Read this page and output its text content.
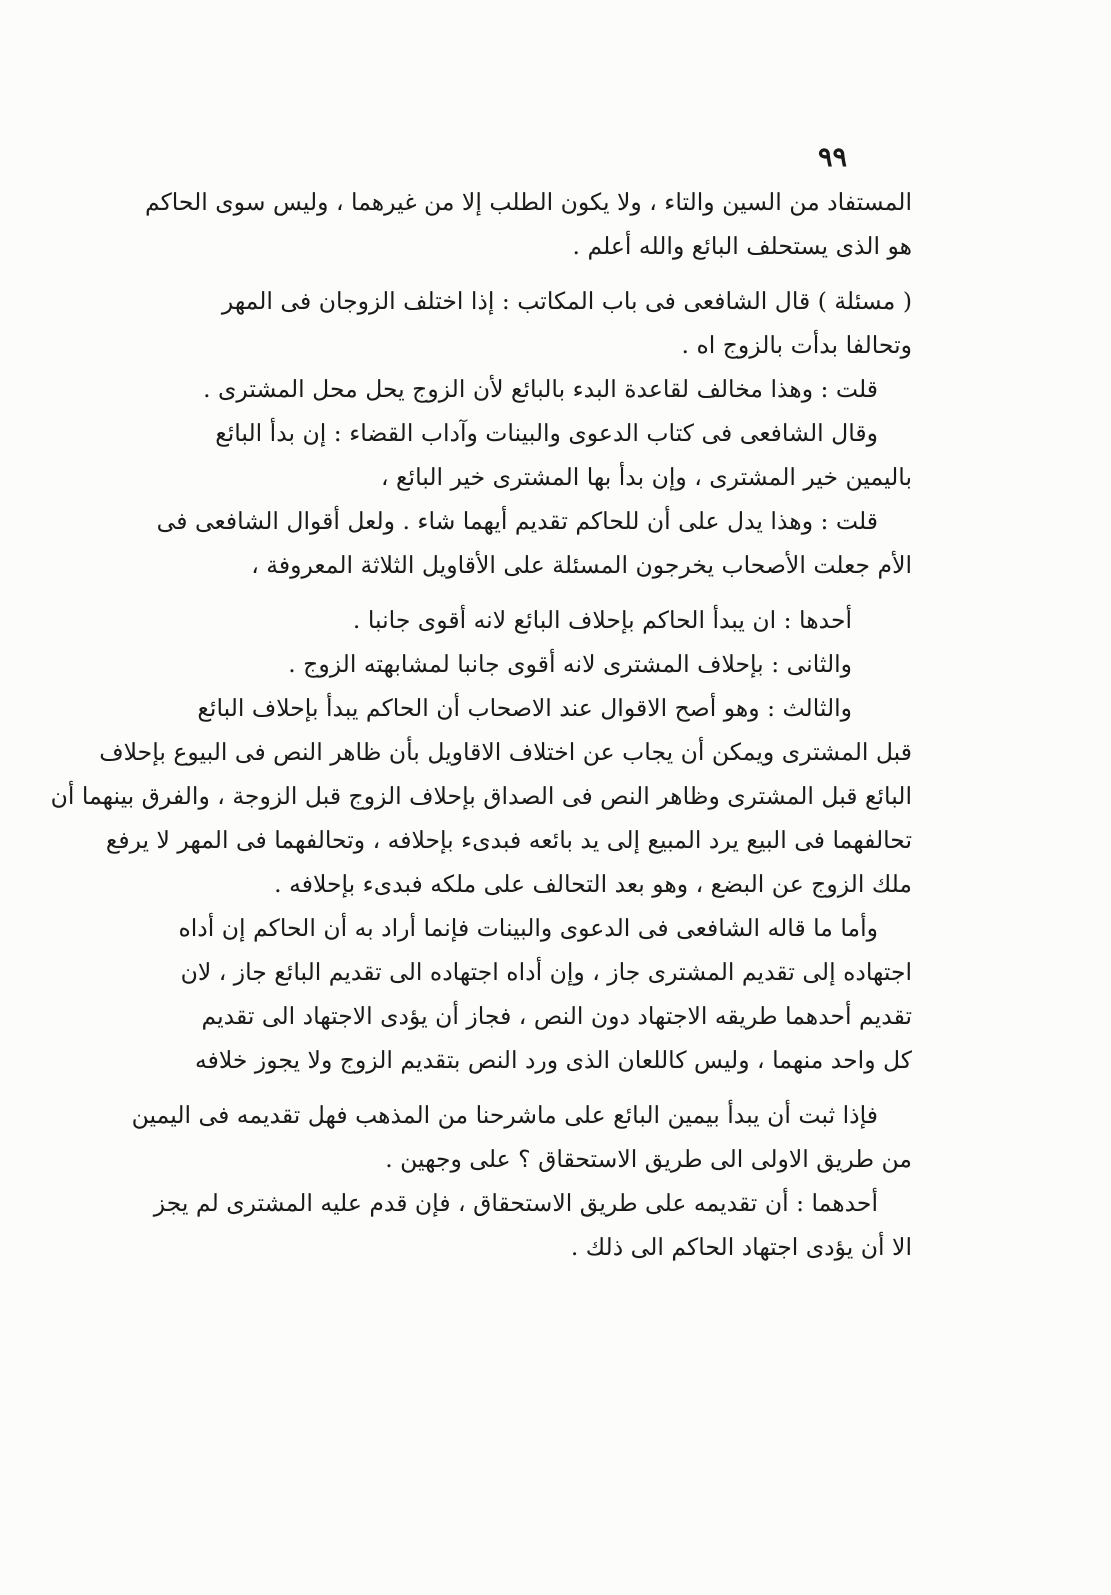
٩٩
المستفاد من السين والتاء ، ولا يكون الطلب إلا من غيرهما ، وليس سوى الحاكم
هو الذى يستحلف البائع والله أعلم .
( مسئلة ) قال الشافعى فى باب المكاتب : إذا اختلف الزوجان فى المهر
وتحالفا بدأت بالزوج اه .
قلت : وهذا مخالف لقاعدة البدء بالبائع لأن الزوج يحل محل المشترى .
وقال الشافعى فى كتاب الدعوى والبينات وآداب القضاء : إن بدأ البائع
باليمين خير المشترى ، وإن بدأ بها المشترى خير البائع ،
قلت : وهذا يدل على أن للحاكم تقديم أيهما شاء . ولعل أقوال الشافعى فى
الأم جعلت الأصحاب يخرجون المسئلة على الأقاويل الثلاثة المعروفة ،
أحدها : ان يبدأ الحاكم بإحلاف البائع لانه أقوى جانبا .
والثانى : بإحلاف المشترى لانه أقوى جانبا لمشابهته الزوج .
والثالث : وهو أصح الاقوال عند الاصحاب أن الحاكم يبدأ بإحلاف البائع
قبل المشترى ويمكن أن يجاب عن اختلاف الاقاويل بأن ظاهر النص فى البيوع بإحلاف
البائع قبل المشترى وظاهر النص فى الصداق بإحلاف الزوج قبل الزوجة ، والفرق بينهما أن
تحالفهما فى البيع يرد المبيع إلى يد بائعه فبدىء بإحلافه ، وتحالفهما فى المهر لا يرفع
ملك الزوج عن البضع ، وهو بعد التحالف على ملكه فبدىء بإحلافه .
وأما ما قاله الشافعى فى الدعوى والبينات فإنما أراد به أن الحاكم إن أداه
اجتهاده إلى تقديم المشترى جاز ، وإن أداه اجتهاده الى تقديم البائع جاز ، لان
تقديم أحدهما طريقه الاجتهاد دون النص ، فجاز أن يؤدى الاجتهاد الى تقديم
كل واحد منهما ، وليس كاللعان الذى ورد النص بتقديم الزوج ولا يجوز خلافه
فإذا ثبت أن يبدأ بيمين البائع على ماشرحنا من المذهب فهل تقديمه فى اليمين
من طريق الاولى الى طريق الاستحقاق ؟ على وجهين .
أحدهما : أن تقديمه على طريق الاستحقاق ، فإن قدم عليه المشترى لم يجز
الا أن يؤدى اجتهاد الحاكم الى ذلك .
